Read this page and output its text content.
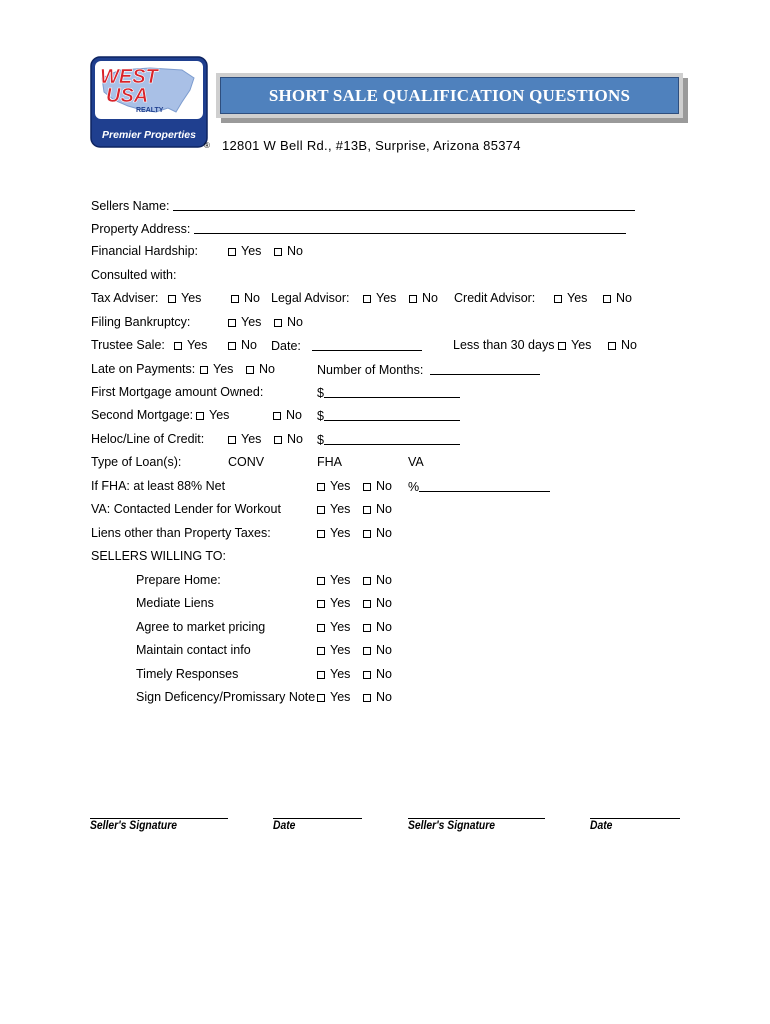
WEST
USA
REALTY
Premier Properties
®
SHORT SALE QUALIFICATION QUESTIONS
12801 W Bell Rd., #13B, Surprise, Arizona 85374
Sellers Name:
Property Address:
Financial Hardship:	Yes	No
Consulted with:
Tax Adviser:	Yes	No Legal Advisor:	Yes	No Credit Advisor:	Yes	No
Filing Bankruptcy:	Yes	No
Trustee Sale:	Yes	No Date:	Less than 30 days	Yes	No
Late on Payments:	Yes	No	Number of Months:
First Mortgage amount Owned:	$
Second Mortgage:	Yes	No $
Heloc/Line of Credit:	Yes	No $
Type of Loan(s):	CONV	FHA	VA
If FHA: at least 88% Net	Yes	No %
VA: Contacted Lender for Workout	Yes	No
Liens other than Property Taxes:	Yes	No
SELLERS WILLING TO:
Prepare Home:	Yes	No
Mediate Liens	Yes	No
Agree to market pricing	Yes	No
Maintain contact info	Yes	No
Timely Responses	Yes	No
Sign Deficency/Promissary Note	Yes	No
Seller's Signature	Date	Seller's Signature	Date
